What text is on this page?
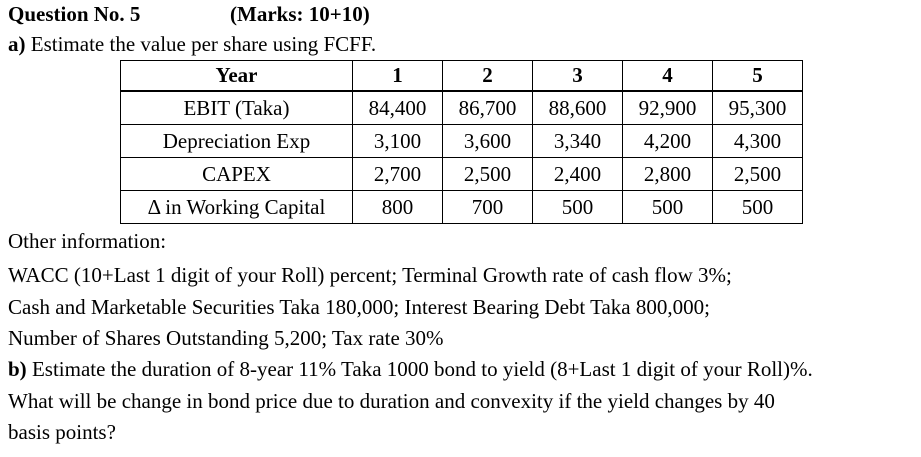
Question No. 5	(Marks: 10+10)
a) Estimate the value per share using FCFF.
Year	1	2	3	4	5
EBIT (Taka)	84,400	86,700	88,600	92,900	95,300
Depreciation Exp	3,100	3,600	3,340	4,200	4,300
CAPEX	2,700	2,500	2,400	2,800	2,500
Δ in Working Capital	800	700	500	500	500
Other information:
WACC (10+Last 1 digit of your Roll) percent; Terminal Growth rate of cash flow 3%;
Cash and Marketable Securities Taka 180,000; Interest Bearing Debt Taka 800,000;
Number of Shares Outstanding 5,200; Tax rate 30%
b) Estimate the duration of 8-year 11% Taka 1000 bond to yield (8+Last 1 digit of your Roll)%.
What will be change in bond price due to duration and convexity if the yield changes by 40
basis points?
